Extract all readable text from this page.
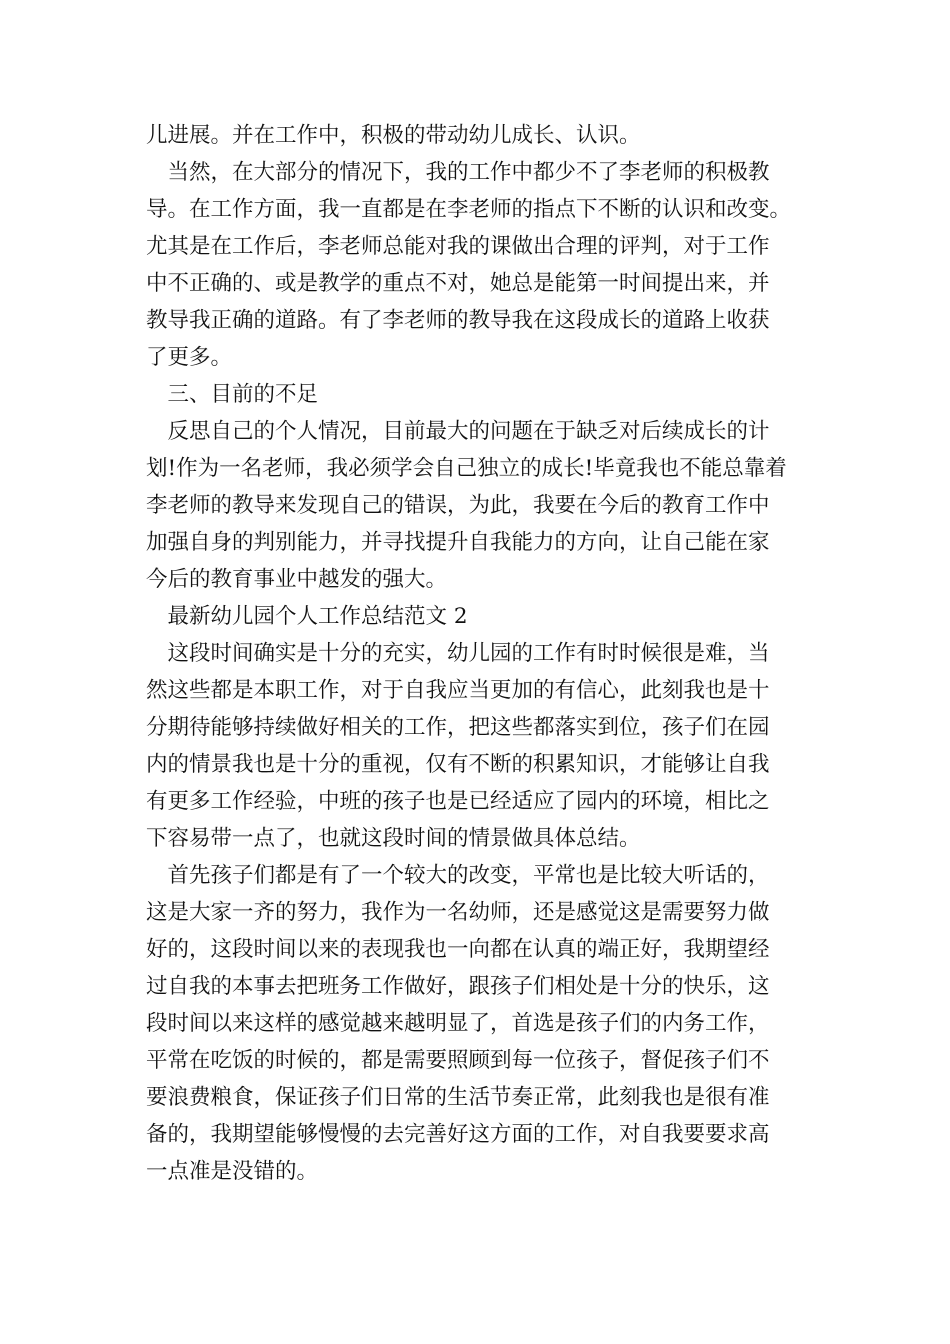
儿进展。并在工作中，积极的带动幼儿成长、认识。

　当然，在大部分的情况下，我的工作中都少不了李老师的积极教

导。在工作方面，我一直都是在李老师的指点下不断的认识和改变。

尤其是在工作后，李老师总能对我的课做出合理的评判，对于工作

中不正确的、或是教学的重点不对，她总是能第一时间提出来，并

教导我正确的道路。有了李老师的教导我在这段成长的道路上收获

了更多。

　三、目前的不足

　反思自己的个人情况，目前最大的问题在于缺乏对后续成长的计

划!作为一名老师，我必须学会自己独立的成长!毕竟我也不能总靠着

李老师的教导来发现自己的错误，为此，我要在今后的教育工作中

加强自身的判别能力，并寻找提升自我能力的方向，让自己能在家

今后的教育事业中越发的强大。

　最新幼儿园个人工作总结范文 2

　这段时间确实是十分的充实，幼儿园的工作有时时候很是难，当

然这些都是本职工作，对于自我应当更加的有信心，此刻我也是十

分期待能够持续做好相关的工作，把这些都落实到位，孩子们在园

内的情景我也是十分的重视，仅有不断的积累知识，才能够让自我

有更多工作经验，中班的孩子也是已经适应了园内的环境，相比之

下容易带一点了，也就这段时间的情景做具体总结。

　首先孩子们都是有了一个较大的改变，平常也是比较大听话的，

这是大家一齐的努力，我作为一名幼师，还是感觉这是需要努力做

好的，这段时间以来的表现我也一向都在认真的端正好，我期望经

过自我的本事去把班务工作做好，跟孩子们相处是十分的快乐，这

段时间以来这样的感觉越来越明显了，首选是孩子们的内务工作，

平常在吃饭的时候的，都是需要照顾到每一位孩子，督促孩子们不

要浪费粮食，保证孩子们日常的生活节奏正常，此刻我也是很有准

备的，我期望能够慢慢的去完善好这方面的工作，对自我要要求高

一点准是没错的。
